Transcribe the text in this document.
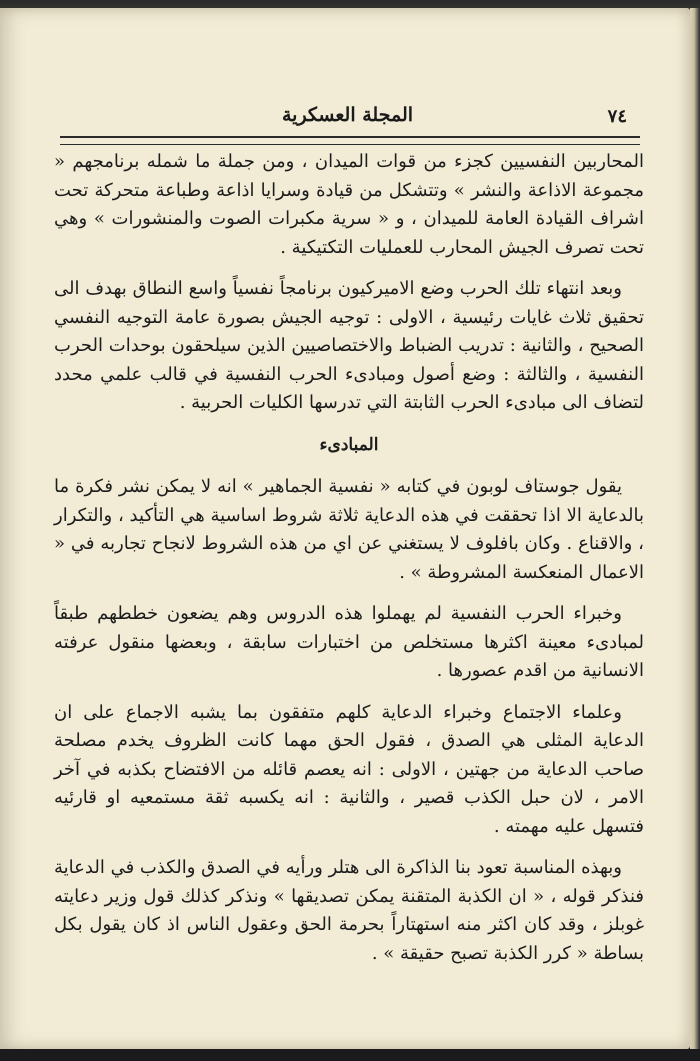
٧٤
المجلة العسكرية

المحاربين النفسيين كجزء من قوات الميدان ، ومن جملة ما شمله برنامجهم « مجموعة الاذاعة والنشر » وتتشكل من قيادة وسرايا اذاعة وطباعة متحركة تحت اشراف القيادة العامة للميدان ، و « سرية مكبرات الصوت والمنشورات » وهي تحت تصرف الجيش المحارب للعمليات التكتيكية .

وبعد انتهاء تلك الحرب وضع الاميركيون برنامجاً نفسياً واسع النطاق بهدف الى تحقيق ثلاث غايات رئيسية ، الاولى : توجيه الجيش بصورة عامة التوجيه النفسي الصحيح ، والثانية : تدريب الضباط والاختصاصيين الذين سيلحقون بوحدات الحرب النفسية ، والثالثة : وضع أصول ومبادىء الحرب النفسية في قالب علمي محدد لتضاف الى مبادىء الحرب الثابتة التي تدرسها الكليات الحربية .

المبادىء

يقول جوستاف لوبون في كتابه « نفسية الجماهير » انه لا يمكن نشر فكرة ما بالدعاية الا اذا تحققت في هذه الدعاية ثلاثة شروط اساسية هي التأكيد ، والتكرار ، والاقناع . وكان بافلوف لا يستغني عن اي من هذه الشروط لانجاح تجاربه في « الاعمال المنعكسة المشروطة » .

وخبراء الحرب النفسية لم يهملوا هذه الدروس وهم يضعون خططهم طبقاً لمبادىء معينة اكثرها مستخلص من اختبارات سابقة ، وبعضها منقول عرفته الانسانية من اقدم عصورها .

وعلماء الاجتماع وخبراء الدعاية كلهم متفقون بما يشبه الاجماع على ان الدعاية المثلى هي الصدق ، فقول الحق مهما كانت الظروف يخدم مصلحة صاحب الدعاية من جهتين ، الاولى : انه يعصم قائله من الافتضاح بكذبه في آخر الامر ، لان حبل الكذب قصير ، والثانية : انه يكسبه ثقة مستمعيه او قارئيه فتسهل عليه مهمته .

وبهذه المناسبة تعود بنا الذاكرة الى هتلر ورأيه في الصدق والكذب في الدعاية فنذكر قوله ، « ان الكذبة المتقنة يمكن تصديقها » ونذكر كذلك قول وزير دعايته غوبلز ، وقد كان اكثر منه استهتاراً بحرمة الحق وعقول الناس اذ كان يقول بكل بساطة « كرر الكذبة تصبح حقيقة » .
